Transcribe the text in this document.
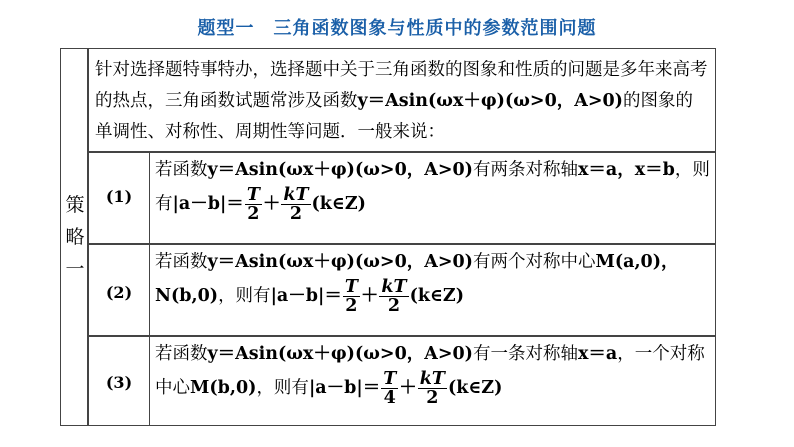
题型一　三角函数图象与性质中的参数范围问题
策
略
一
针对选择题特事特办，选择题中关于三角函数的图象和性质的问题是多年来高考的热点，三角函数试题常涉及函数y＝Asin(ωx＋φ)(ω>0，A>0)的图象的单调性、对称性、周期性等问题．一般来说：
(1)
若函数y＝Asin(ωx＋φ)(ω>0，A>0)有两条对称轴x＝a，x＝b，则有$|a-b|= \frac{T}{2} + \frac{kT}{2}$ (k∈Z)
(2)
若函数y＝Asin(ωx＋φ)(ω>0，A>0)有两个对称中心M(a,0)，N(b,0)，则有$|a-b|= \frac{T}{2} + \frac{kT}{2}$ (k∈Z)
(3)
若函数y＝Asin(ωx＋φ)(ω>0，A>0)有一条对称轴x＝a，一个对称中心M(b,0)，则有$|a-b|= \frac{T}{4} + \frac{kT}{2}$ (k∈Z)
